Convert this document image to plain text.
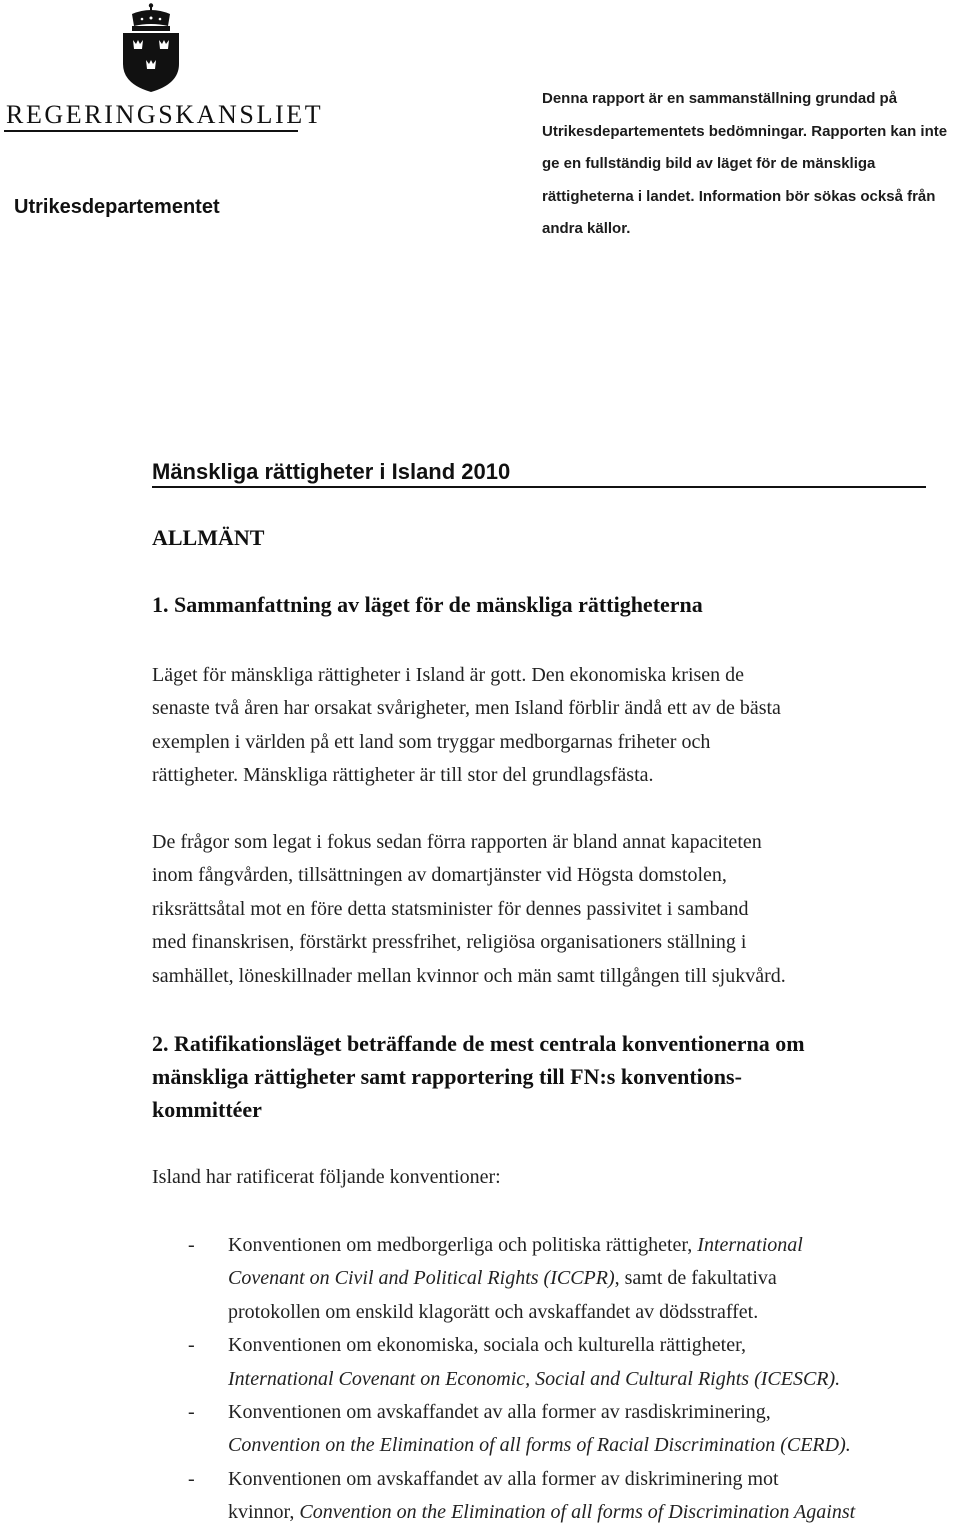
REGERINGSKANSLIET
Utrikesdepartementet
Denna rapport är en sammanställning grundad på
Utrikesdepartementets bedömningar. Rapporten kan inte
ge en fullständig bild av läget för de mänskliga
rättigheterna i landet. Information bör sökas också från
andra källor.
Mänskliga rättigheter i Island 2010
ALLMÄNT
1. Sammanfattning av läget för de mänskliga rättigheterna
Läget för mänskliga rättigheter i Island är gott. Den ekonomiska krisen de
senaste två åren har orsakat svårigheter, men Island förblir ändå ett av de bästa
exemplen i världen på ett land som tryggar medborgarnas friheter och
rättigheter. Mänskliga rättigheter är till stor del grundlagsfästa.
De frågor som legat i fokus sedan förra rapporten är bland annat kapaciteten
inom fångvården, tillsättningen av domartjänster vid Högsta domstolen,
riksrättsåtal mot en före detta statsminister för dennes passivitet i samband
med finanskrisen, förstärkt pressfrihet, religiösa organisationers ställning i
samhället, löneskillnader mellan kvinnor och män samt tillgången till sjukvård.
2. Ratifikationsläget beträffande de mest centrala konventionerna om
mänskliga rättigheter samt rapportering till FN:s konventions-
kommittéer
Island har ratificerat följande konventioner:
- Konventionen om medborgerliga och politiska rättigheter, International
Covenant on Civil and Political Rights (ICCPR), samt de fakultativa
protokollen om enskild klagorätt och avskaffandet av dödsstraffet.
- Konventionen om ekonomiska, sociala och kulturella rättigheter,
International Covenant on Economic, Social and Cultural Rights (ICESCR).
- Konventionen om avskaffandet av alla former av rasdiskriminering,
Convention on the Elimination of all forms of Racial Discrimination (CERD).
- Konventionen om avskaffandet av alla former av diskriminering mot
kvinnor, Convention on the Elimination of all forms of Discrimination Against
